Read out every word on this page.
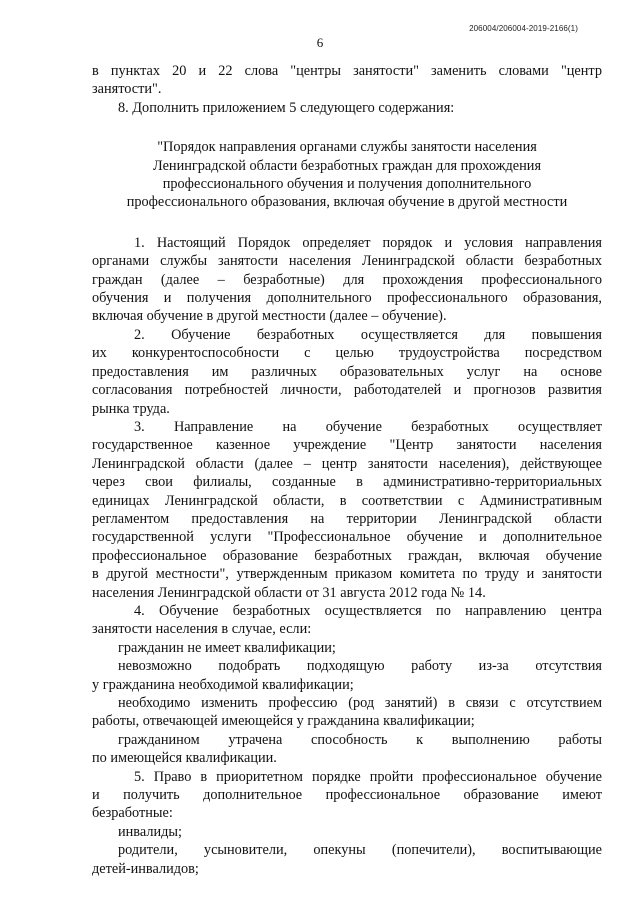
206004/206004-2019-2166(1)
6
в пунктах 20 и 22 слова "центры занятости" заменить словами "центр
занятости".
8. Дополнить приложением 5 следующего содержания:
"Порядок направления органами службы занятости населения
Ленинградской области безработных граждан для прохождения
профессионального обучения и получения дополнительного
профессионального образования, включая обучение в другой местности
1. Настоящий Порядок определяет порядок и условия направления
органами службы занятости населения Ленинградской области безработных
граждан (далее – безработные) для прохождения профессионального
обучения и получения дополнительного профессионального образования,
включая обучение в другой местности (далее – обучение).
2. Обучение безработных осуществляется для повышения
их конкурентоспособности с целью трудоустройства посредством
предоставления им различных образовательных услуг на основе
согласования потребностей личности, работодателей и прогнозов развития
рынка труда.
3. Направление на обучение безработных осуществляет
государственное казенное учреждение "Центр занятости населения
Ленинградской области (далее – центр занятости населения), действующее
через свои филиалы, созданные в административно-территориальных
единицах Ленинградской области, в соответствии с Административным
регламентом предоставления на территории Ленинградской области
государственной услуги "Профессиональное обучение и дополнительное
профессиональное образование безработных граждан, включая обучение
в другой местности", утвержденным приказом комитета по труду и занятости
населения Ленинградской области от 31 августа 2012 года № 14.
4. Обучение безработных осуществляется по направлению центра
занятости населения в случае, если:
гражданин не имеет квалификации;
невозможно подобрать подходящую работу из-за отсутствия
у гражданина необходимой квалификации;
необходимо изменить профессию (род занятий) в связи с отсутствием
работы, отвечающей имеющейся у гражданина квалификации;
гражданином утрачена способность к выполнению работы
по имеющейся квалификации.
5. Право в приоритетном порядке пройти профессиональное обучение
и получить дополнительное профессиональное образование имеют
безработные:
инвалиды;
родители, усыновители, опекуны (попечители), воспитывающие
детей-инвалидов;
